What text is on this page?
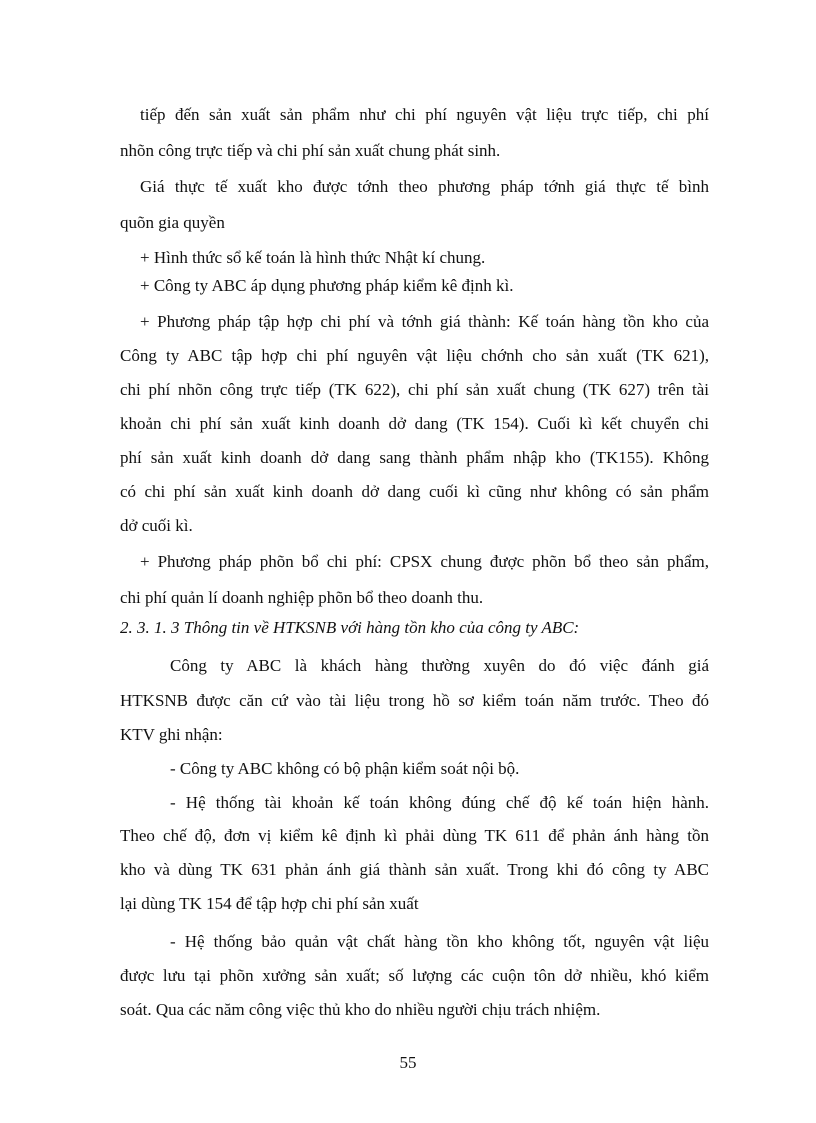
tiếp đến sản xuất sản phẩm như chi phí nguyên vật liệu trực tiếp, chi phí
nhõn công trực tiếp và chi phí sản xuất chung phát sinh.
Giá thực tế xuất kho được tớnh theo phương pháp tớnh giá thực tế bình
quõn gia quyền
+ Hình thức sổ kế toán là hình thức Nhật kí chung.
+ Công ty ABC áp dụng phương pháp kiểm kê định kì.
+ Phương pháp tập hợp chi phí và tớnh giá thành: Kế toán hàng tồn kho của
Công ty ABC tập hợp chi phí nguyên vật liệu chớnh cho sản xuất (TK 621),
chi phí nhõn công trực tiếp (TK 622), chi phí sản xuất chung (TK 627) trên tài
khoản chi phí sản xuất kinh doanh dở dang (TK 154). Cuối kì kết chuyển chi
phí sản xuất kinh doanh dở dang sang thành phẩm nhập kho (TK155). Không
có chi phí sản xuất kinh doanh dở dang cuối kì cũng như không có sản phẩm
dở cuối kì.
+ Phương pháp phõn bổ chi phí: CPSX chung được phõn bổ theo sản phẩm,
chi phí quản lí doanh nghiệp phõn bổ theo doanh thu.
2. 3. 1. 3 Thông tin về HTKSNB với hàng tồn kho của công ty ABC:
Công ty ABC là khách hàng thường xuyên do đó việc đánh giá
HTKSNB được căn cứ vào tài liệu trong hồ sơ kiểm toán năm trước. Theo đó
KTV ghi nhận:
- Công ty ABC không có bộ phận kiểm soát nội bộ.
- Hệ thống tài khoản kế toán không đúng chế độ kế toán hiện hành.
Theo chế độ, đơn vị kiểm kê định kì phải dùng TK 611 để phản ánh hàng tồn
kho và dùng TK 631 phản ánh giá thành sản xuất. Trong khi đó công ty ABC
lại dùng TK 154 để tập hợp chi phí sản xuất
- Hệ thống bảo quản vật chất hàng tồn kho không tốt, nguyên vật liệu
được lưu tại phõn xưởng sản xuất; số lượng các cuộn tôn dở nhiều, khó kiểm
soát. Qua các năm công việc thủ kho do nhiều người chịu trách nhiệm.
55
